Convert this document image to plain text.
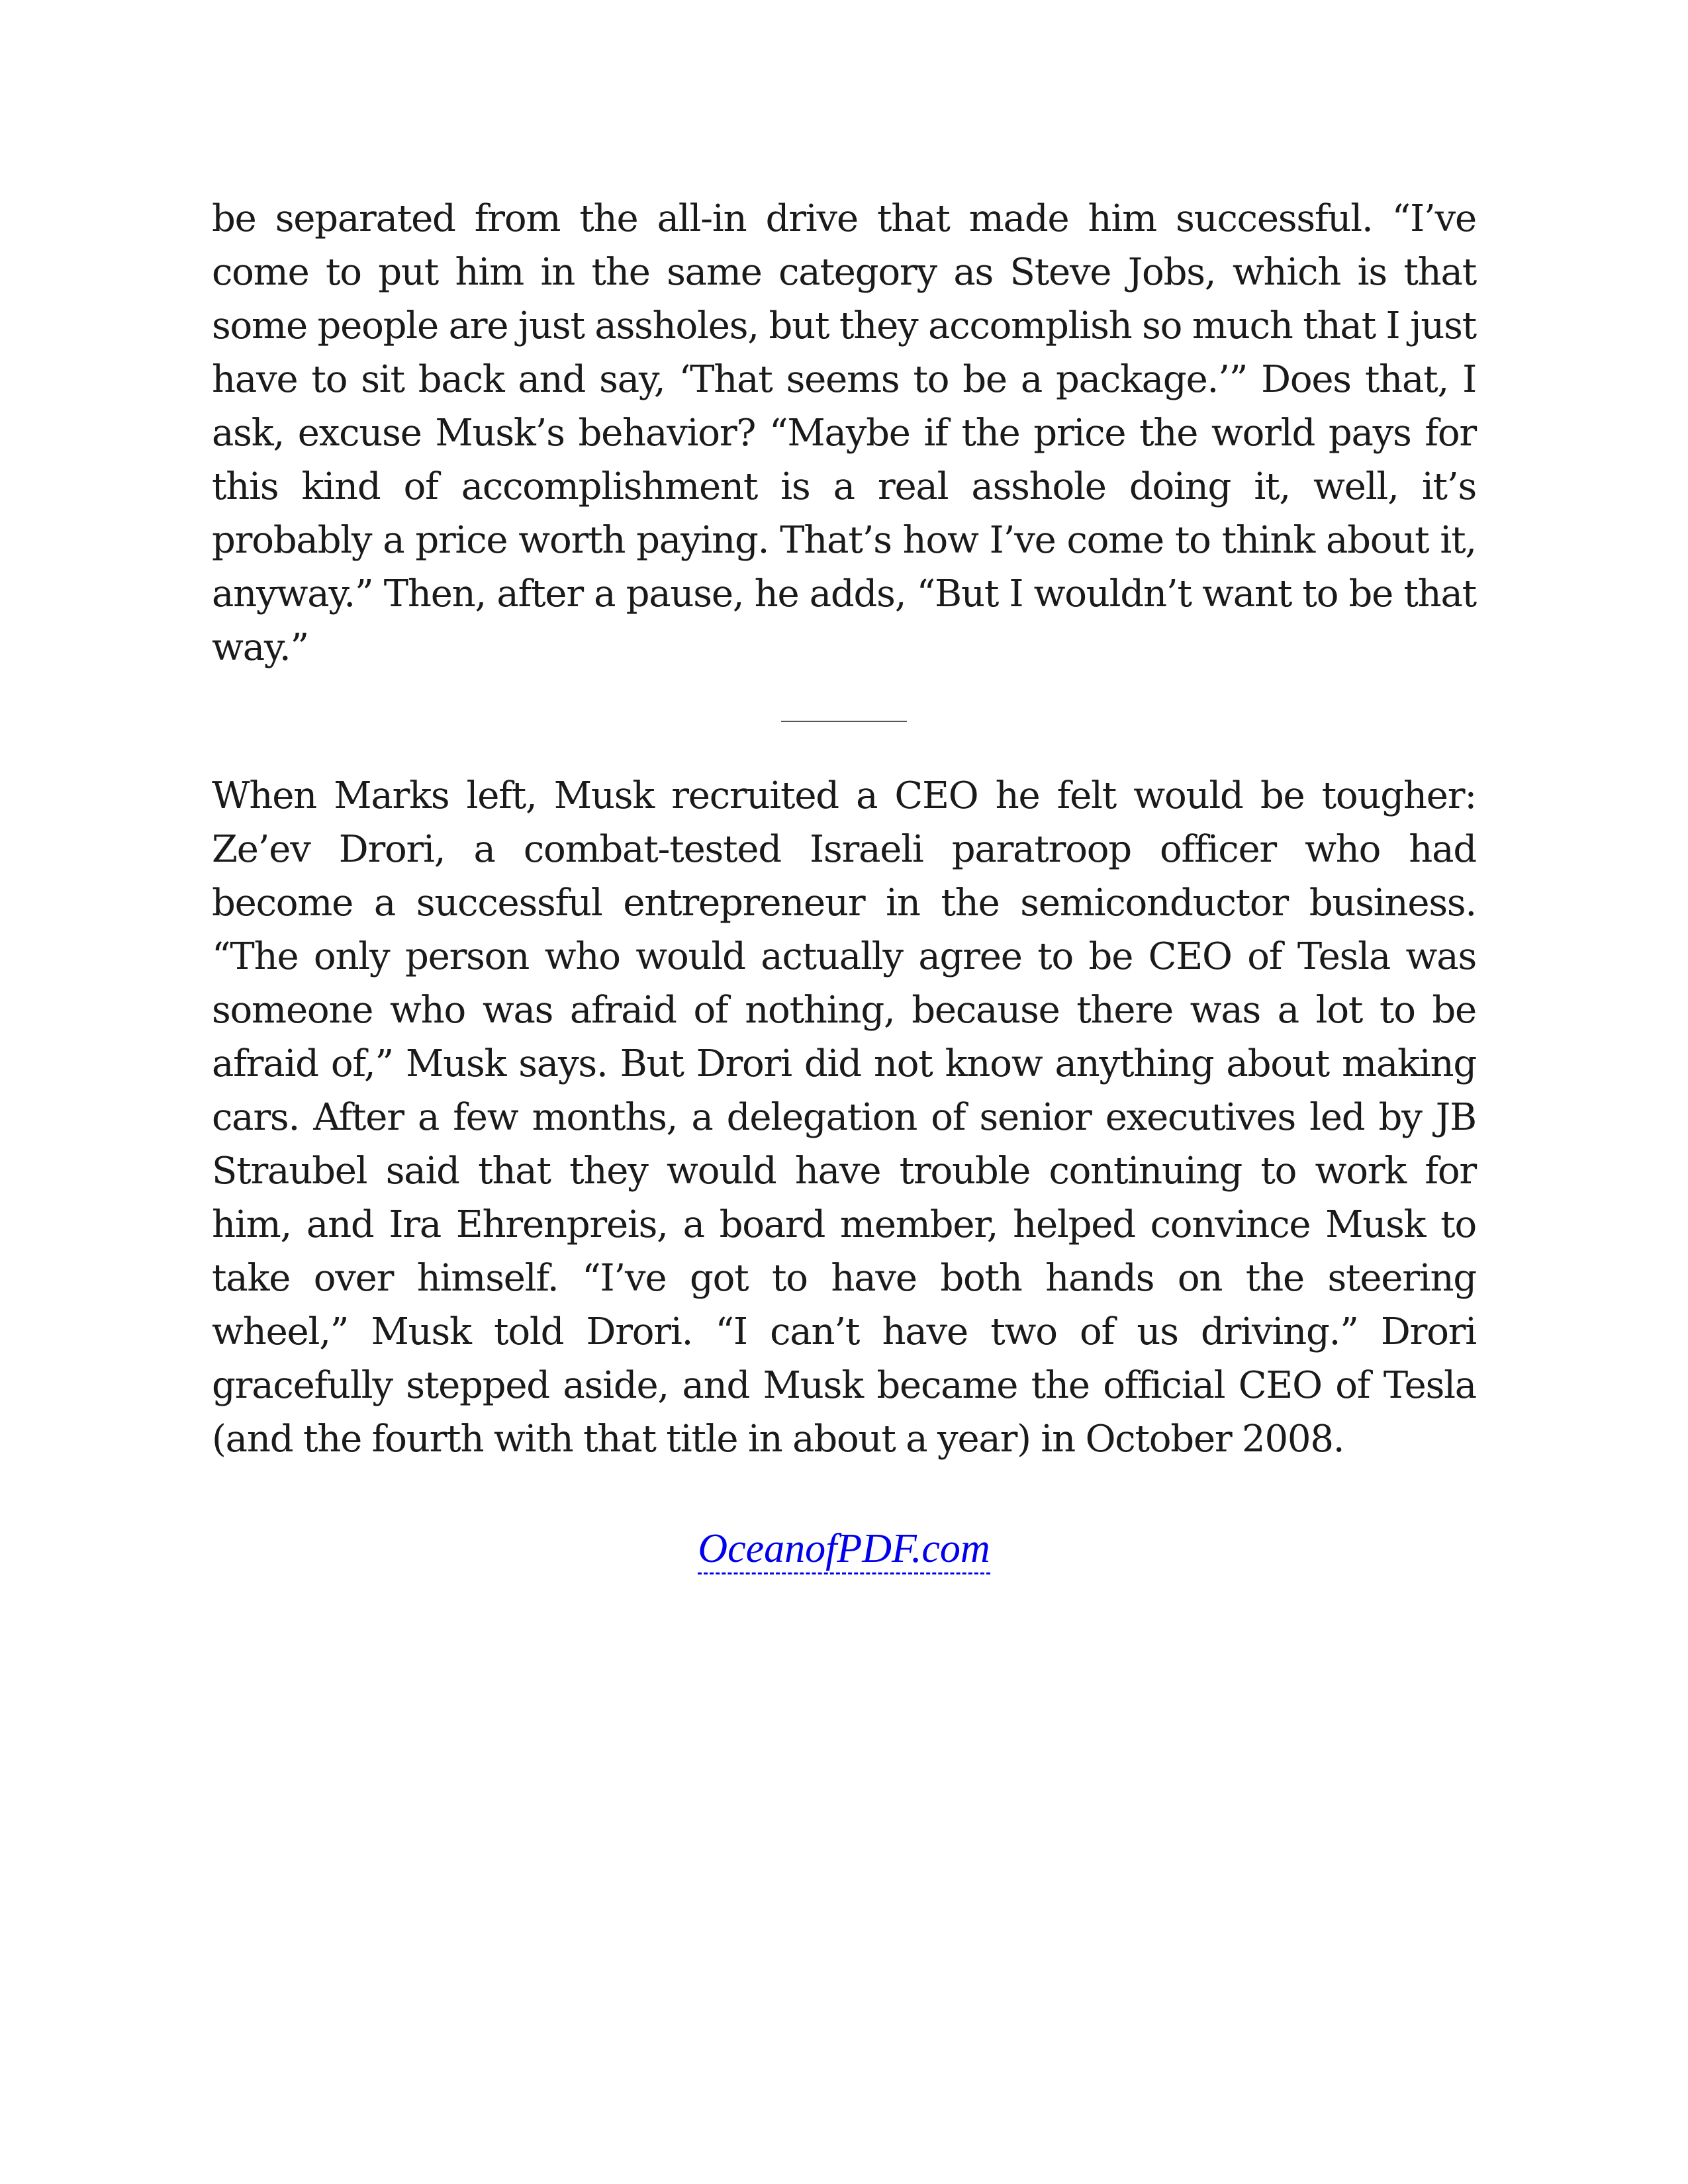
be separated from the all-in drive that made him successful. “I’ve come to put him in the same category as Steve Jobs, which is that some people are just assholes, but they accomplish so much that I just have to sit back and say, ‘That seems to be a package.’” Does that, I ask, excuse Musk’s behavior? “Maybe if the price the world pays for this kind of accomplishment is a real asshole doing it, well, it’s probably a price worth paying. That’s how I’ve come to think about it, anyway.” Then, after a pause, he adds, “But I wouldn’t want to be that way.”

When Marks left, Musk recruited a CEO he felt would be tougher: Ze’ev Drori, a combat-tested Israeli paratroop officer who had become a successful entrepreneur in the semiconductor business. “The only person who would actually agree to be CEO of Tesla was someone who was afraid of nothing, because there was a lot to be afraid of,” Musk says. But Drori did not know anything about making cars. After a few months, a delegation of senior executives led by JB Straubel said that they would have trouble continuing to work for him, and Ira Ehrenpreis, a board member, helped convince Musk to take over himself. “I’ve got to have both hands on the steering wheel,” Musk told Drori. “I can’t have two of us driving.” Drori gracefully stepped aside, and Musk became the official CEO of Tesla (and the fourth with that title in about a year) in October 2008.

OceanofPDF.com
